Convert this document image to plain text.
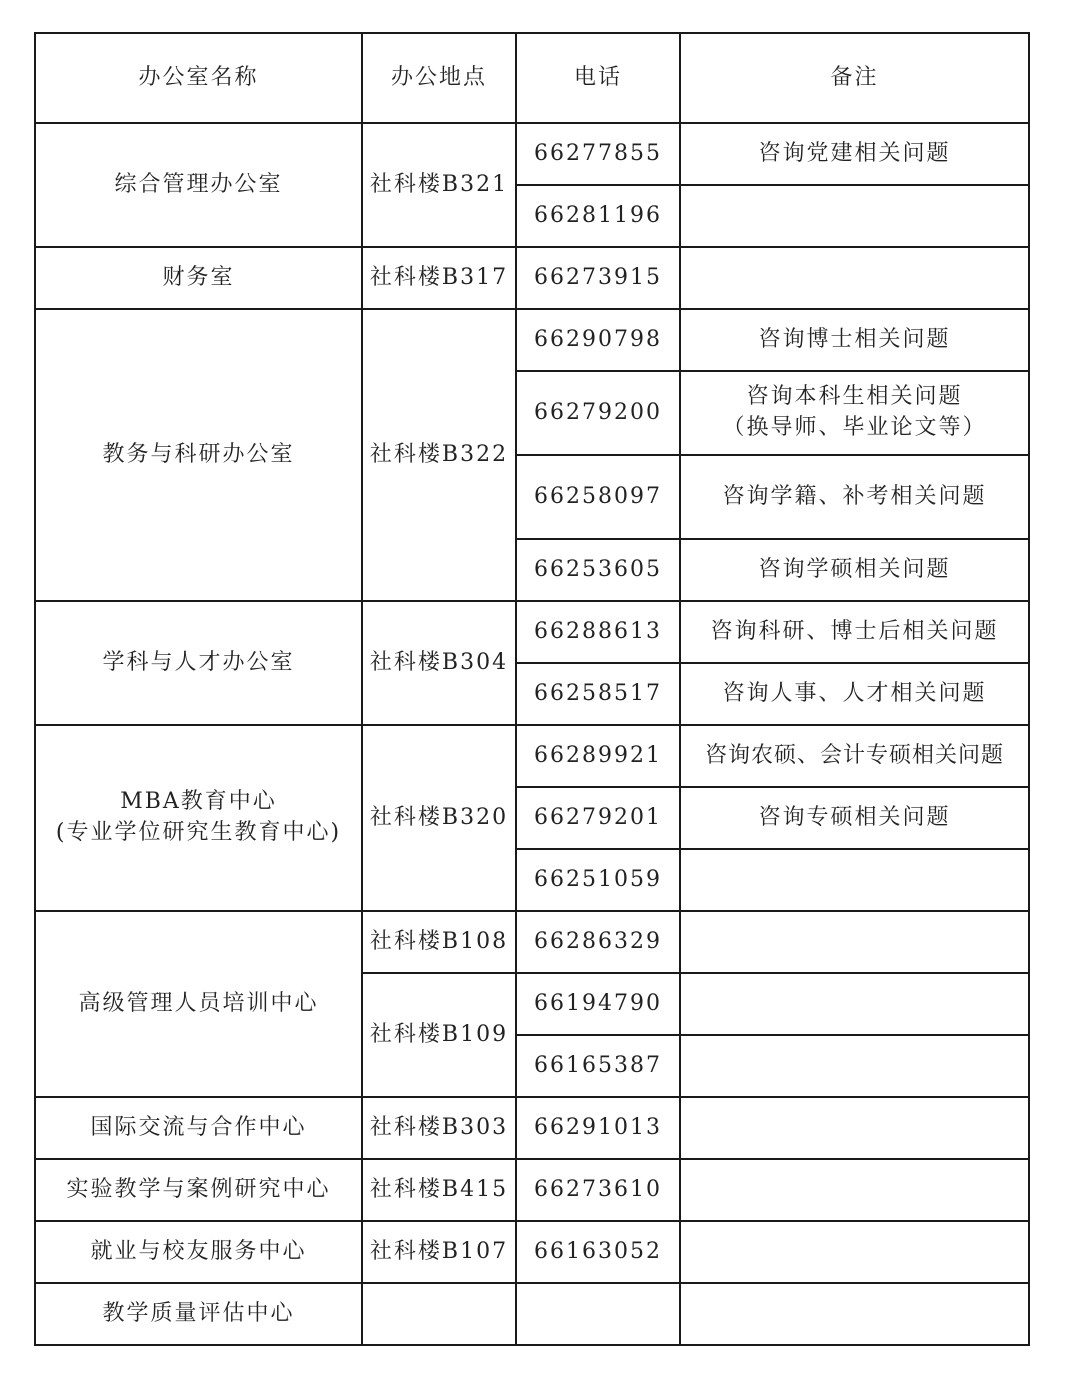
办公室名称	办公地点	电话	备注
综合管理办公室	社科楼B321	66277855	咨询党建相关问题
		66281196	
财务室	社科楼B317	66273915	
教务与科研办公室	社科楼B322	66290798	咨询博士相关问题
		66279200	咨询本科生相关问题
（换导师、毕业论文等）

		66258097	咨询学籍、补考相关问题
		66253605	咨询学硕相关问题
学科与人才办公室	社科楼B304	66288613	咨询科研、博士后相关问题
		66258517	咨询人事、人才相关问题

MBA教育中心
(专业学位研究生教育中心)	社科楼B320	66289921	咨询农硕、会计专硕相关问题
		66279201	咨询专硕相关问题
		66251059	
高级管理人员培训中心	社科楼B108	66286329	
	社科楼B109	66194790	
		66165387	
国际交流与合作中心	社科楼B303	66291013	
实验教学与案例研究中心	社科楼B415	66273610	
就业与校友服务中心	社科楼B107	66163052	
教学质量评估中心			
